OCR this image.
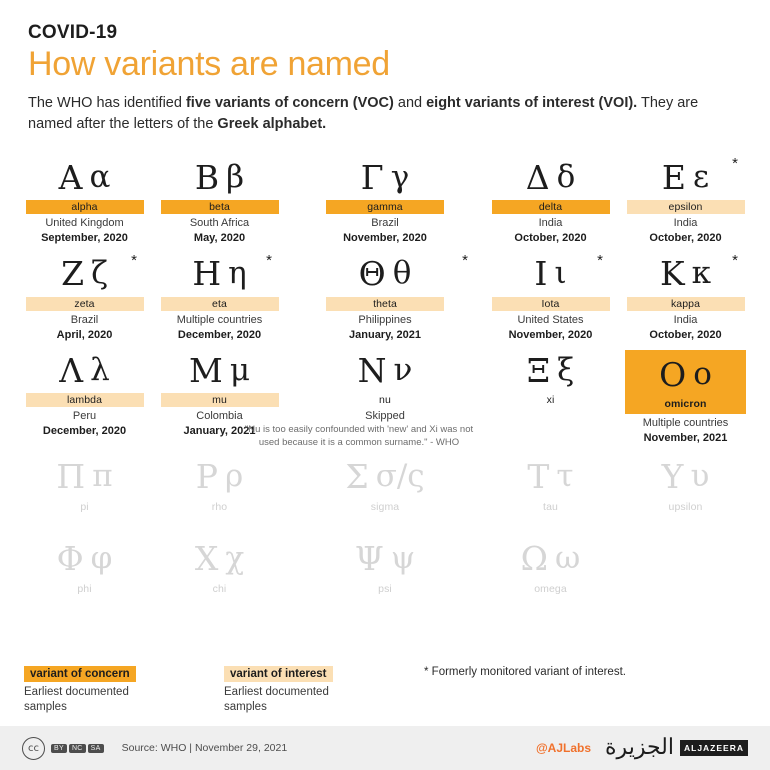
COVID-19
How variants are named
The WHO has identified five variants of concern (VOC) and eight variants of interest (VOI). They are named after the letters of the Greek alphabet.
Α α
alpha
United Kingdom
September, 2020
Β β
beta
South Africa
May, 2020
Γ γ
gamma
Brazil
November, 2020
Δ δ
delta
India
October, 2020
Ε ε *
epsilon
India
October, 2020
Ζ ζ *
zeta
Brazil
April, 2020
Η η *
eta
Multiple countries
December, 2020
Θ θ	*
theta
Philippines
January, 2021
Ι ι *
Iota
United States
November, 2020
Κ κ *
kappa
India
October, 2020
Λ λ
lambda
Peru
December, 2020
Μ μ
mu
Colombia
January, 2021
Ν ν
nu
Skipped
"Nu is too easily confounded with 'new' and Xi was not used because it is a common surname." - WHO
Ξ ξ
xi
Ο ο
omicron
Multiple countries
November, 2021
Π π
pi
Ρ ρ
rho
Σ σ/ς
sigma
Τ τ
tau
Υ υ
upsilon
Φ φ
phi
Χ χ
chi
Ψ ψ
psi
Ω ω
omega
variant of concern
Earliest documented samples
variant of interest
Earliest documented samples
* Formerly monitored variant of interest.
cc	BY	NC	SA Source: WHO | November 29, 2021	@AJLabs الجزيرة	ALJAZEERA
